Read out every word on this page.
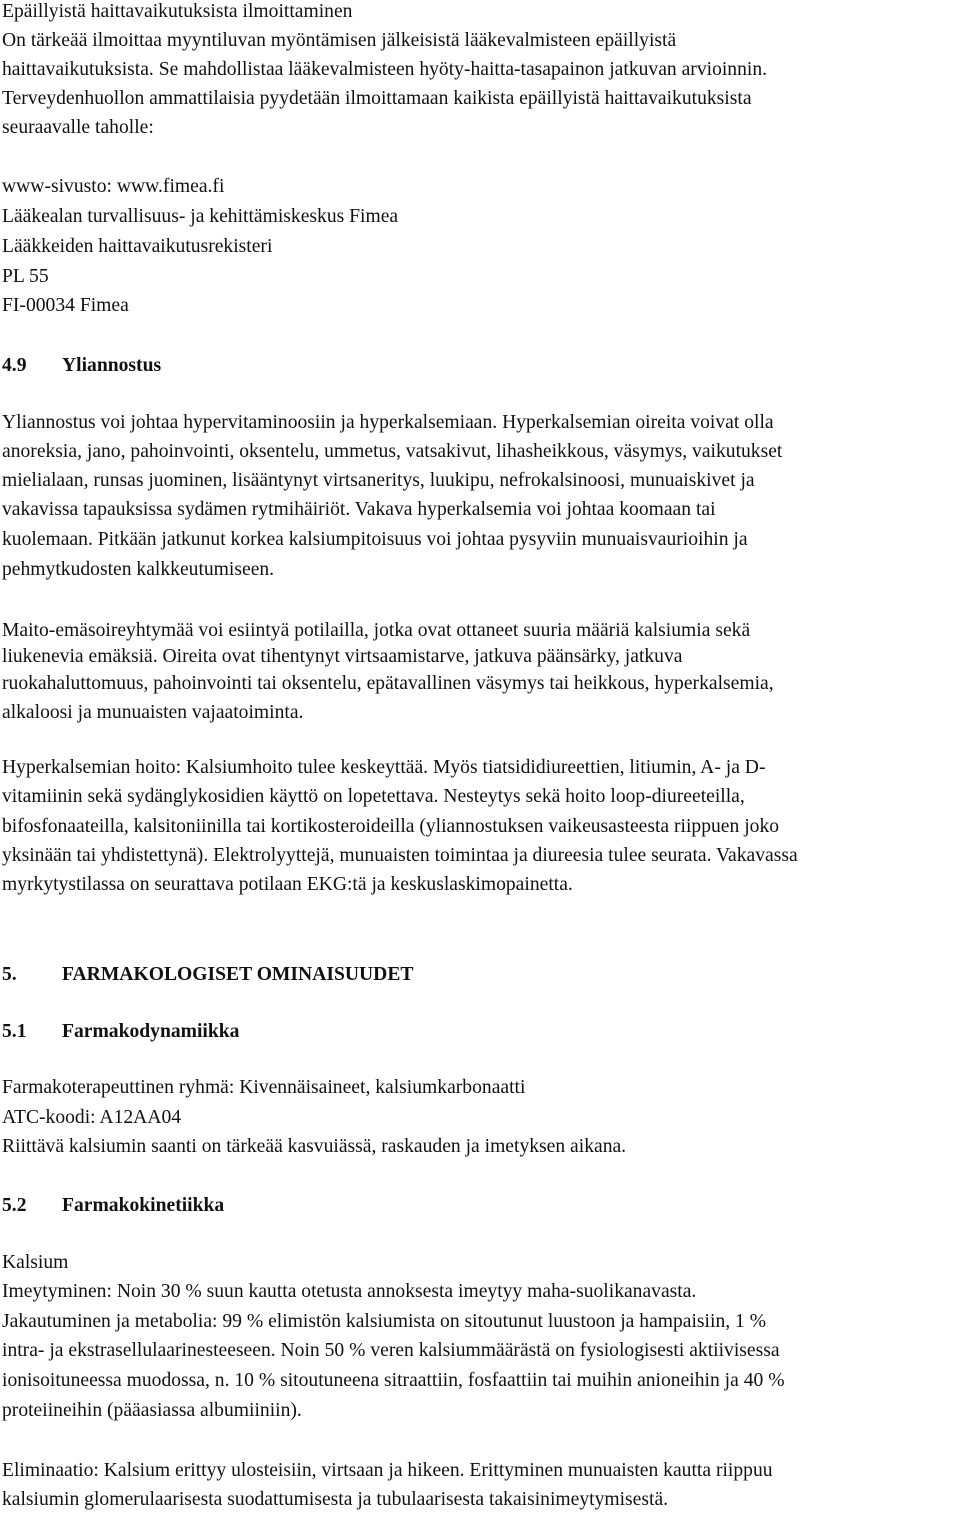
Epäillyistä haittavaikutuksista ilmoittaminen
On tärkeää ilmoittaa myyntiluvan myöntämisen jälkeisistä lääkevalmisteen epäillyistä
haittavaikutuksista. Se mahdollistaa lääkevalmisteen hyöty-haitta-tasapainon jatkuvan arvioinnin.
Terveydenhuollon ammattilaisia pyydetään ilmoittamaan kaikista epäillyistä haittavaikutuksista
seuraavalle taholle:
www-sivusto: www.fimea.fi
Lääkealan turvallisuus- ja kehittämiskeskus Fimea
Lääkkeiden haittavaikutusrekisteri
PL 55
FI-00034 Fimea
4.9 Yliannostus
Yliannostus voi johtaa hypervitaminoosiin ja hyperkalsemiaan. Hyperkalsemian oireita voivat olla
anoreksia, jano, pahoinvointi, oksentelu, ummetus, vatsakivut, lihasheikkous, väsymys, vaikutukset
mielialaan, runsas juominen, lisääntynyt virtsaneritys, luukipu, nefrokalsinoosi, munuaiskivet ja
vakavissa tapauksissa sydämen rytmihäiriöt. Vakava hyperkalsemia voi johtaa koomaan tai
kuolemaan. Pitkään jatkunut korkea kalsiumpitoisuus voi johtaa pysyviin munuaisvaurioihin ja
pehmytkudosten kalkkeutumiseen.
Maito-emäsoireyhtymää voi esiintyä potilailla, jotka ovat ottaneet suuria määriä kalsiumia sekä
liukenevia emäksiä. Oireita ovat tihentynyt virtsaamistarve, jatkuva päänsärky, jatkuva
ruokahaluttomuus, pahoinvointi tai oksentelu, epätavallinen väsymys tai heikkous, hyperkalsemia,
alkaloosi ja munuaisten vajaatoiminta.
Hyperkalsemian hoito: Kalsiumhoito tulee keskeyttää. Myös tiatsididiureettien, litiumin, A- ja D-
vitamiinin sekä sydänglykosidien käyttö on lopetettava. Nesteytys sekä hoito loop-diureeteilla,
bifosfonaateilla, kalsitoniinilla tai kortikosteroideilla (yliannostuksen vaikeusasteesta riippuen joko
yksinään tai yhdistettynä). Elektrolyyttejä, munuaisten toimintaa ja diureesia tulee seurata. Vakavassa
myrkytystilassa on seurattava potilaan EKG:tä ja keskuslaskimopainetta.
5. FARMAKOLOGISET OMINAISUUDET
5.1 Farmakodynamiikka
Farmakoterapeuttinen ryhmä: Kivennäisaineet, kalsiumkarbonaatti
ATC-koodi: A12AA04
Riittävä kalsiumin saanti on tärkeää kasvuiässä, raskauden ja imetyksen aikana.
5.2 Farmakokinetiikka
Kalsium
Imeytyminen: Noin 30 % suun kautta otetusta annoksesta imeytyy maha-suolikanavasta.
Jakautuminen ja metabolia: 99 % elimistön kalsiumista on sitoutunut luustoon ja hampaisiin, 1 %
intra- ja ekstrasellulaarinesteeseen. Noin 50 % veren kalsiummäärästä on fysiologisesti aktiivisessa
ionisoituneessa muodossa, n. 10 % sitoutuneena sitraattiin, fosfaattiin tai muihin anioneihin ja 40 %
proteiineihin (pääasiassa albumiiniin).
Eliminaatio: Kalsium erittyy ulosteisiin, virtsaan ja hikeen. Erittyminen munuaisten kautta riippuu
kalsiumin glomerulaarisesta suodattumisesta ja tubulaarisesta takaisinimeytymisestä.
